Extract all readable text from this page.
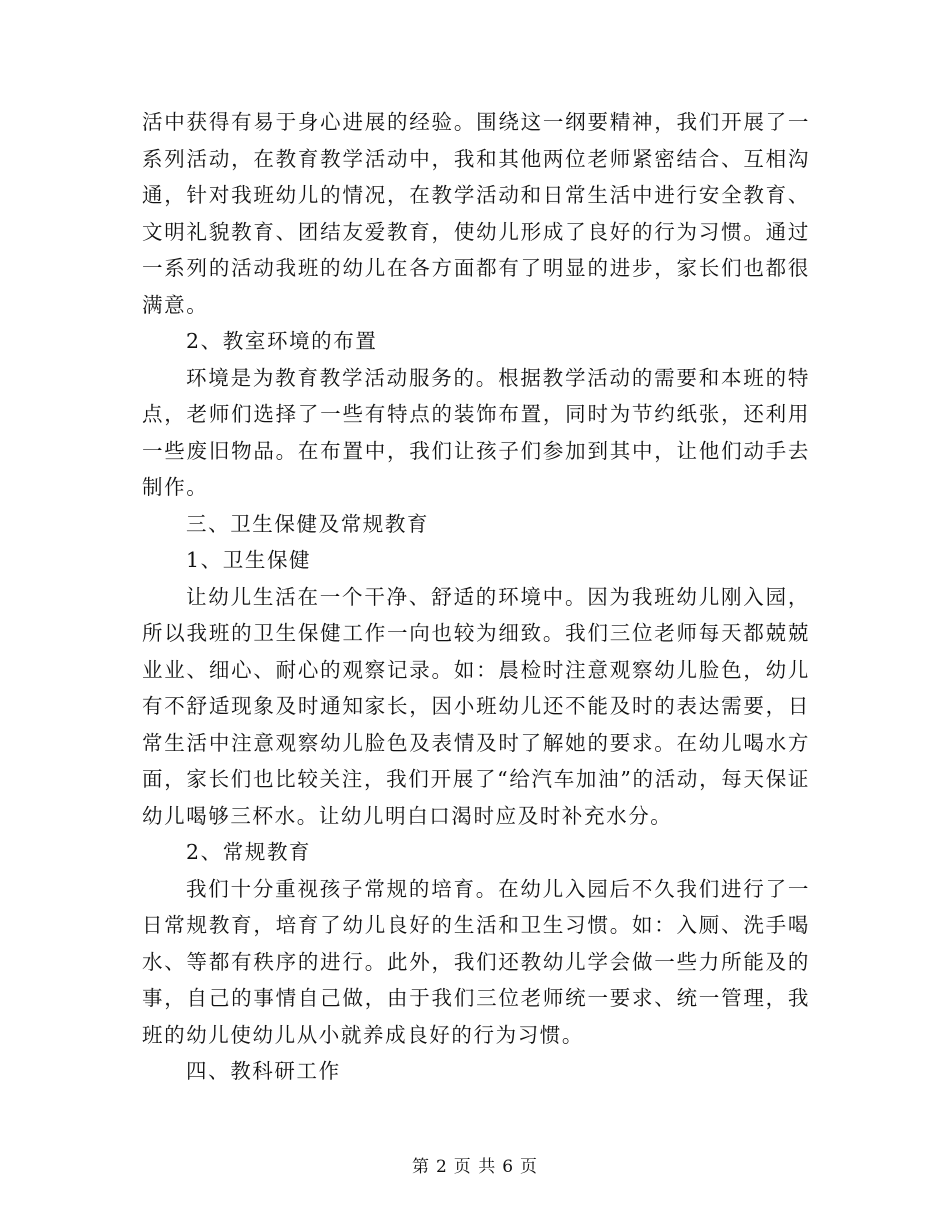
活中获得有易于身心进展的经验。围绕这一纲要精神，我们开展了一系列活动，在教育教学活动中，我和其他两位老师紧密结合、互相沟通，针对我班幼儿的情况，在教学活动和日常生活中进行安全教育、文明礼貌教育、团结友爱教育，使幼儿形成了良好的行为习惯。通过一系列的活动我班的幼儿在各方面都有了明显的进步，家长们也都很满意。

2、教室环境的布置

环境是为教育教学活动服务的。根据教学活动的需要和本班的特点，老师们选择了一些有特点的装饰布置，同时为节约纸张，还利用一些废旧物品。在布置中，我们让孩子们参加到其中，让他们动手去制作。

三、卫生保健及常规教育

1、卫生保健

让幼儿生活在一个干净、舒适的环境中。因为我班幼儿刚入园，所以我班的卫生保健工作一向也较为细致。我们三位老师每天都兢兢业业、细心、耐心的观察记录。如：晨检时注意观察幼儿脸色，幼儿有不舒适现象及时通知家长，因小班幼儿还不能及时的表达需要，日常生活中注意观察幼儿脸色及表情及时了解她的要求。在幼儿喝水方面，家长们也比较关注，我们开展了“给汽车加油”的活动，每天保证幼儿喝够三杯水。让幼儿明白口渴时应及时补充水分。

2、常规教育

我们十分重视孩子常规的培育。在幼儿入园后不久我们进行了一日常规教育，培育了幼儿良好的生活和卫生习惯。如：入厕、洗手喝水、等都有秩序的进行。此外，我们还教幼儿学会做一些力所能及的事，自己的事情自己做，由于我们三位老师统一要求、统一管理，我班的幼儿使幼儿从小就养成良好的行为习惯。

四、教科研工作

第 2 页 共 6 页
